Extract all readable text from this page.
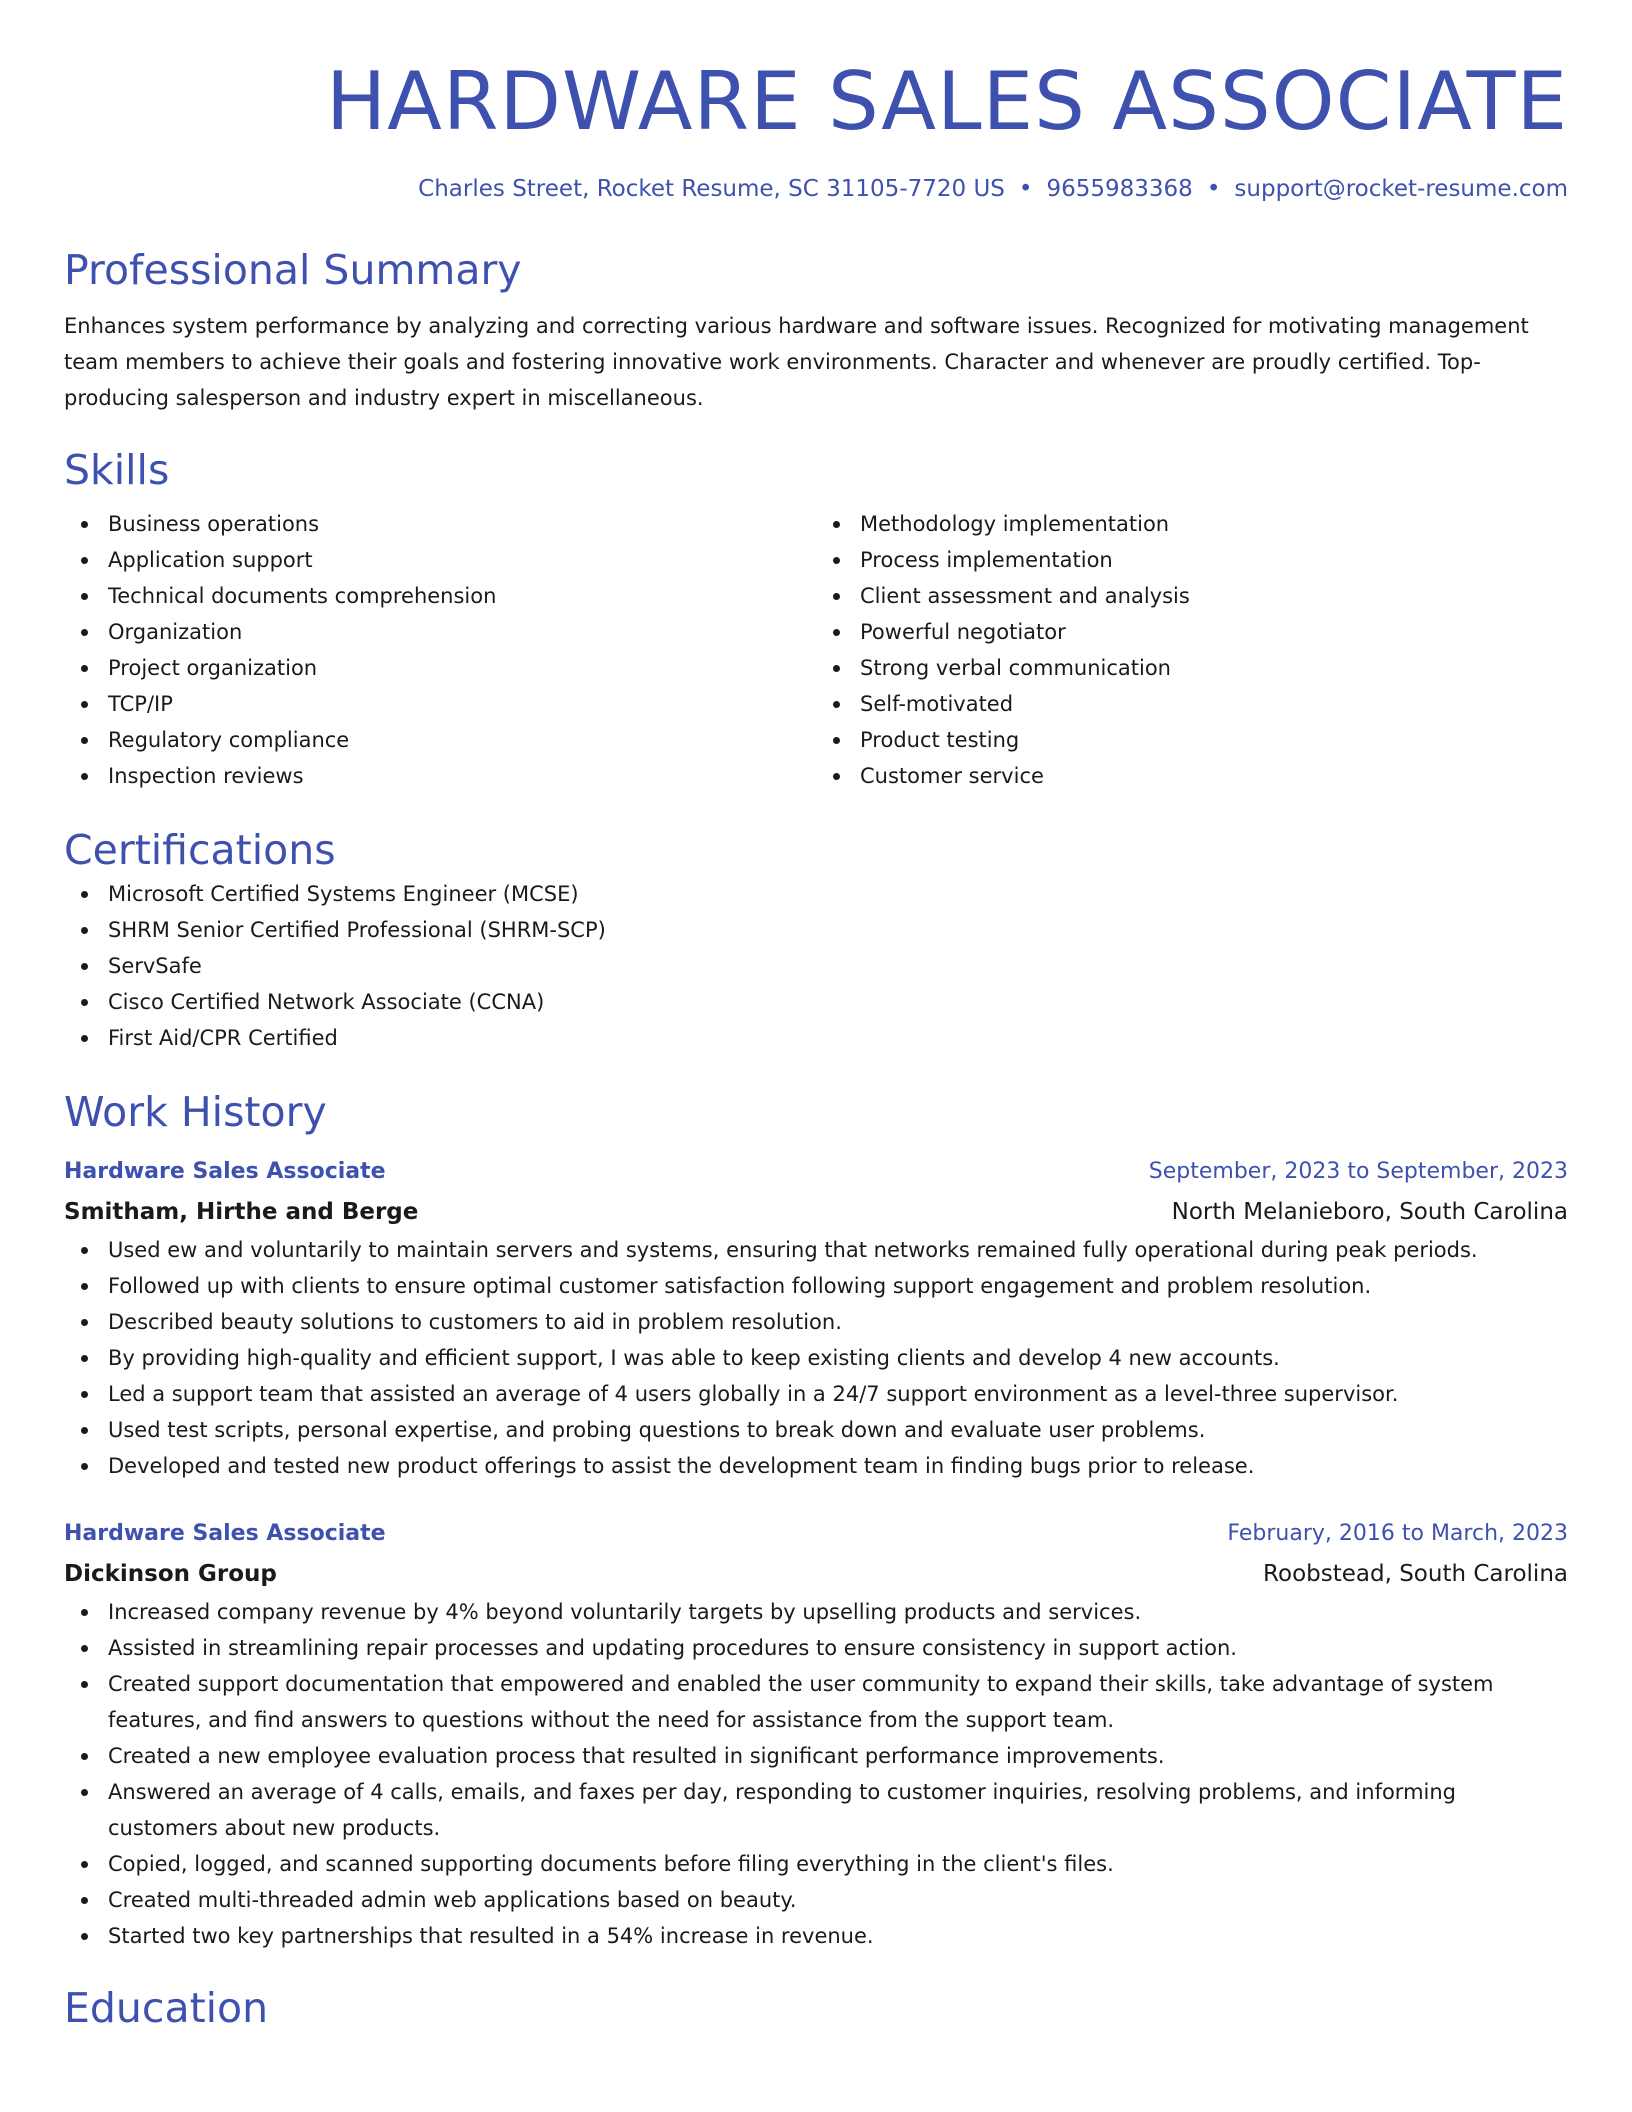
HARDWARE SALES ASSOCIATE
Charles Street, Rocket Resume, SC 31105-7720 US • 9655983368 • support@rocket-resume.com
Professional Summary
Enhances system performance by analyzing and correcting various hardware and software issues. Recognized for motivating management team members to achieve their goals and fostering innovative work environments. Character and whenever are proudly certified. Top-producing salesperson and industry expert in miscellaneous.
Skills
Business operations
Application support
Technical documents comprehension
Organization
Project organization
TCP/IP
Regulatory compliance
Inspection reviews
Methodology implementation
Process implementation
Client assessment and analysis
Powerful negotiator
Strong verbal communication
Self-motivated
Product testing
Customer service
Certifications
Microsoft Certified Systems Engineer (MCSE)
SHRM Senior Certified Professional (SHRM-SCP)
ServSafe
Cisco Certified Network Associate (CCNA)
First Aid/CPR Certified
Work History
Hardware Sales Associate	September, 2023 to September, 2023
Smitham, Hirthe and Berge	North Melanieboro, South Carolina
Used ew and voluntarily to maintain servers and systems, ensuring that networks remained fully operational during peak periods.
Followed up with clients to ensure optimal customer satisfaction following support engagement and problem resolution.
Described beauty solutions to customers to aid in problem resolution.
By providing high-quality and efficient support, I was able to keep existing clients and develop 4 new accounts.
Led a support team that assisted an average of 4 users globally in a 24/7 support environment as a level-three supervisor.
Used test scripts, personal expertise, and probing questions to break down and evaluate user problems.
Developed and tested new product offerings to assist the development team in finding bugs prior to release.
Hardware Sales Associate	February, 2016 to March, 2023
Dickinson Group	Roobstead, South Carolina
Increased company revenue by 4% beyond voluntarily targets by upselling products and services.
Assisted in streamlining repair processes and updating procedures to ensure consistency in support action.
Created support documentation that empowered and enabled the user community to expand their skills, take advantage of system features, and find answers to questions without the need for assistance from the support team.
Created a new employee evaluation process that resulted in significant performance improvements.
Answered an average of 4 calls, emails, and faxes per day, responding to customer inquiries, resolving problems, and informing customers about new products.
Copied, logged, and scanned supporting documents before filing everything in the client's files.
Created multi-threaded admin web applications based on beauty.
Started two key partnerships that resulted in a 54% increase in revenue.
Education
